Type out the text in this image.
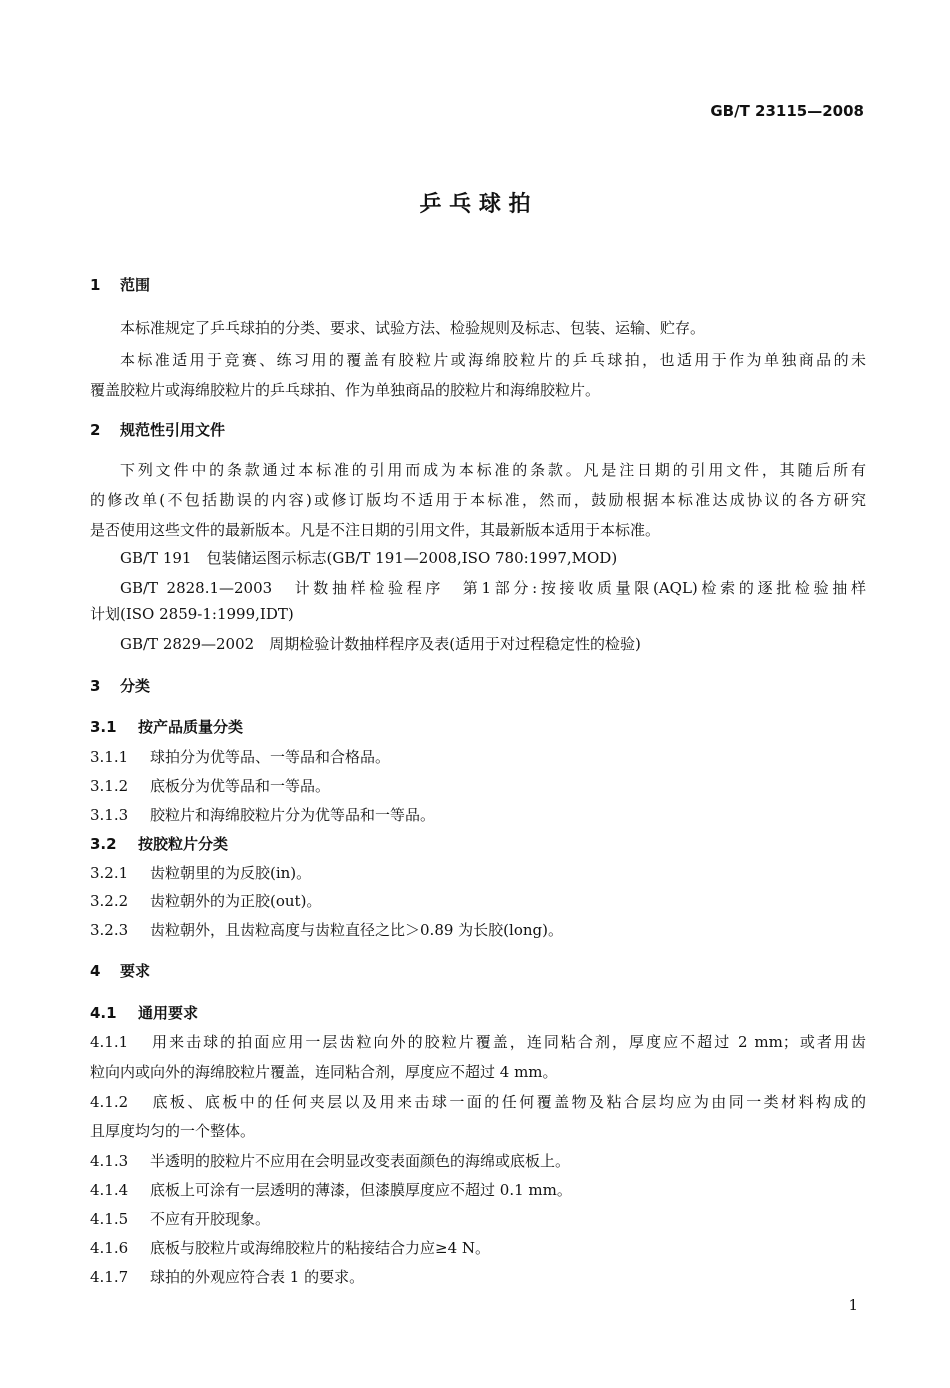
GB/T 23115—2008
乒 乓 球 拍
1 范围
本标准规定了乒乓球拍的分类、要求、试验方法、检验规则及标志、包装、运输、贮存。
本标准适用于竞赛、练习用的覆盖有胶粒片或海绵胶粒片的乒乓球拍，也适用于作为单独商品的未
覆盖胶粒片或海绵胶粒片的乒乓球拍、作为单独商品的胶粒片和海绵胶粒片。
2 规范性引用文件
下列文件中的条款通过本标准的引用而成为本标准的条款。凡是注日期的引用文件，其随后所有
的修改单(不包括勘误的内容)或修订版均不适用于本标准，然而，鼓励根据本标准达成协议的各方研究
是否使用这些文件的最新版本。凡是不注日期的引用文件，其最新版本适用于本标准。
GB/T 191　 包装储运图示标志(GB/T 191—2008,ISO 780:1997,MOD)
GB/T 2828.1—2003　 计数抽样检验程序　第1部分:按接收质量限(AQL)检索的逐批检验抽样
计划(ISO 2859-1:1999,IDT)
GB/T 2829—2002　 周期检验计数抽样程序及表(适用于对过程稳定性的检验)
3 分类
3.1 按产品质量分类
3.1.1 球拍分为优等品、一等品和合格品。
3.1.2 底板分为优等品和一等品。
3.1.3 胶粒片和海绵胶粒片分为优等品和一等品。
3.2 按胶粒片分类
3.2.1 齿粒朝里的为反胶(in)。
3.2.2 齿粒朝外的为正胶(out)。
3.2.3 齿粒朝外，且齿粒高度与齿粒直径之比＞0.89 为长胶(long)。
4 要求
4.1 通用要求
4.1.1 用来击球的拍面应用一层齿粒向外的胶粒片覆盖，连同粘合剂，厚度应不超过 2 mm；或者用齿
粒向内或向外的海绵胶粒片覆盖，连同粘合剂，厚度应不超过 4 mm。
4.1.2 底板、底板中的任何夹层以及用来击球一面的任何覆盖物及粘合层均应为由同一类材料构成的
且厚度均匀的一个整体。
4.1.3 半透明的胶粒片不应用在会明显改变表面颜色的海绵或底板上。
4.1.4 底板上可涂有一层透明的薄漆，但漆膜厚度应不超过 0.1 mm。
4.1.5 不应有开胶现象。
4.1.6 底板与胶粒片或海绵胶粒片的粘接结合力应≥4 N。
4.1.7 球拍的外观应符合表 1 的要求。
1
